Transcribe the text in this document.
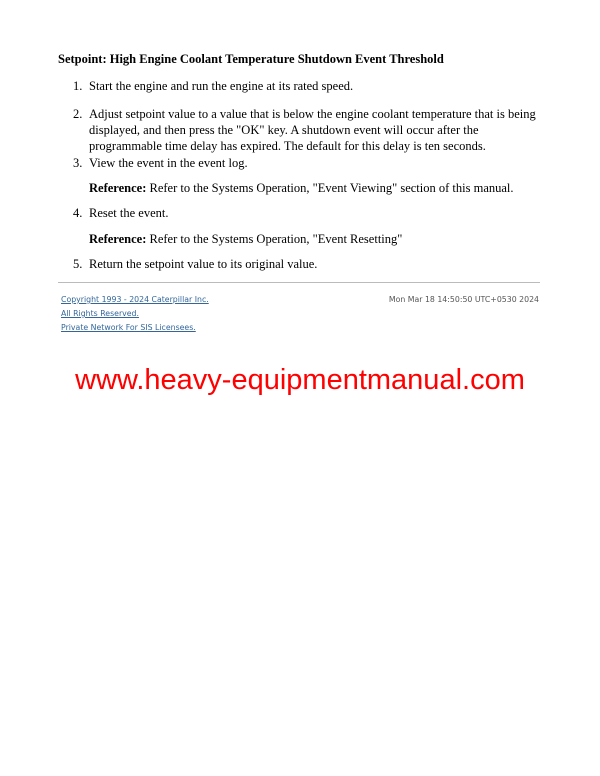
Setpoint: High Engine Coolant Temperature Shutdown Event Threshold
1. Start the engine and run the engine at its rated speed.
2. Adjust setpoint value to a value that is below the engine coolant temperature that is being displayed, and then press the "OK" key. A shutdown event will occur after the programmable time delay has expired. The default for this delay is ten seconds.
3. View the event in the event log.
Reference: Refer to the Systems Operation, "Event Viewing" section of this manual.
4. Reset the event.
Reference: Refer to the Systems Operation, "Event Resetting"
5. Return the setpoint value to its original value.
Copyright 1993 - 2024 Caterpillar Inc.
All Rights Reserved.
Private Network For SIS Licensees.
Mon Mar 18 14:50:50 UTC+0530 2024
www.heavy-equipmentmanual.com
